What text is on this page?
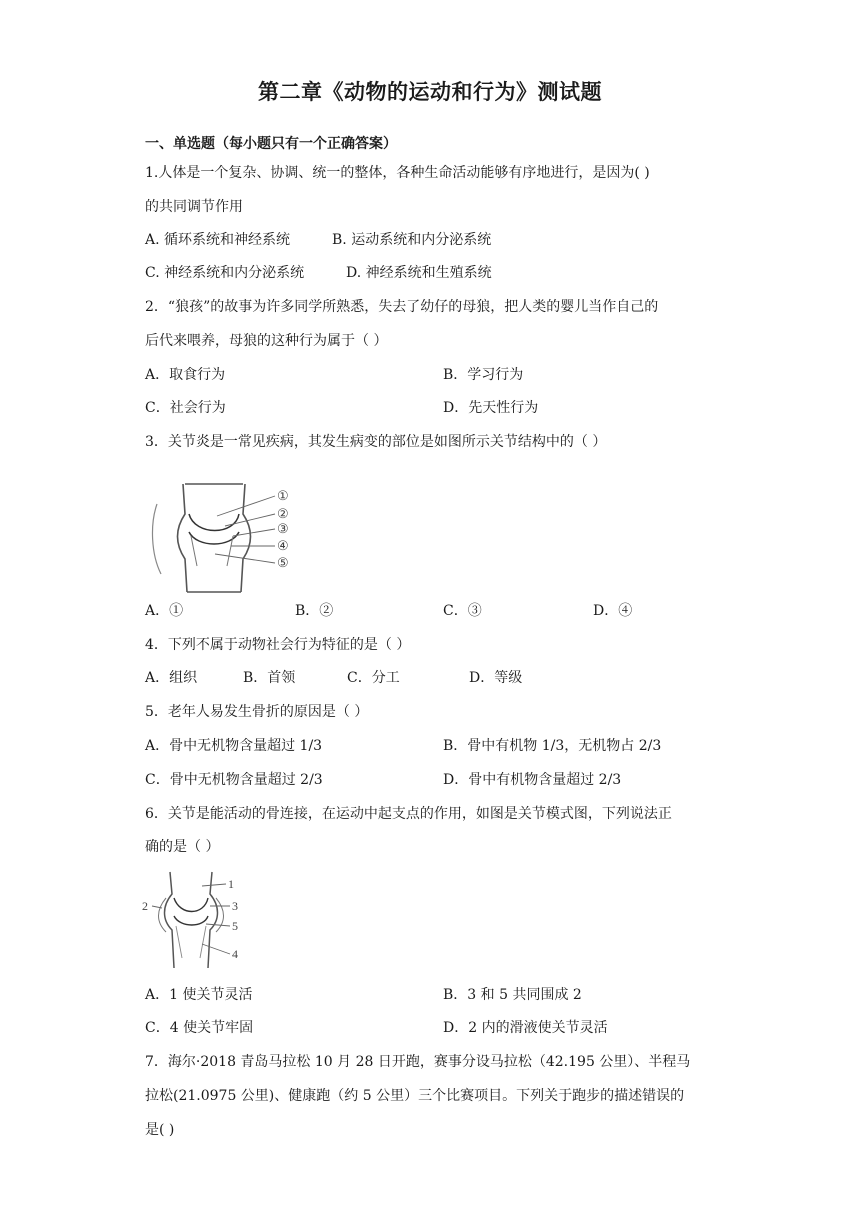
第二章《动物的运动和行为》测试题
一、单选题（每小题只有一个正确答案）
1.人体是一个复杂、协调、统一的整体，各种生命活动能够有序地进行，是因为( )
的共同调节作用
A. 循环系统和神经系统	B. 运动系统和内分泌系统
C. 神经系统和内分泌系统	D. 神经系统和生殖系统
2．“狼孩”的故事为许多同学所熟悉，失去了幼仔的母狼，把人类的婴儿当作自己的
后代来喂养，母狼的这种行为属于（ ）
A．取食行为	B．学习行为
C．社会行为	D．先天性行为
3．关节炎是一常见疾病，其发生病变的部位是如图所示关节结构中的（ ）
①
②
③
④
⑤
A．①	B．②	C．③	D．④
4．下列不属于动物社会行为特征的是（ ）
A．组织	B．首领	C．分工	D．等级
5．老年人易发生骨折的原因是（ ）
A．骨中无机物含量超过 1/3	B．骨中有机物 1/3，无机物占 2/3
C．骨中无机物含量超过 2/3	D．骨中有机物含量超过 2/3
6．关节是能活动的骨连接，在运动中起支点的作用，如图是关节模式图，下列说法正
确的是（ ）
1
2	3
5
4
A．1 使关节灵活	B．3 和 5 共同围成 2
C．4 使关节牢固	D．2 内的滑液使关节灵活
7．海尔·2018 青岛马拉松 10 月 28 日开跑，赛事分设马拉松（42.195 公里）、半程马
拉松(21.0975 公里)、健康跑（约 5 公里）三个比赛项目。下列关于跑步的描述错误的
是( )
